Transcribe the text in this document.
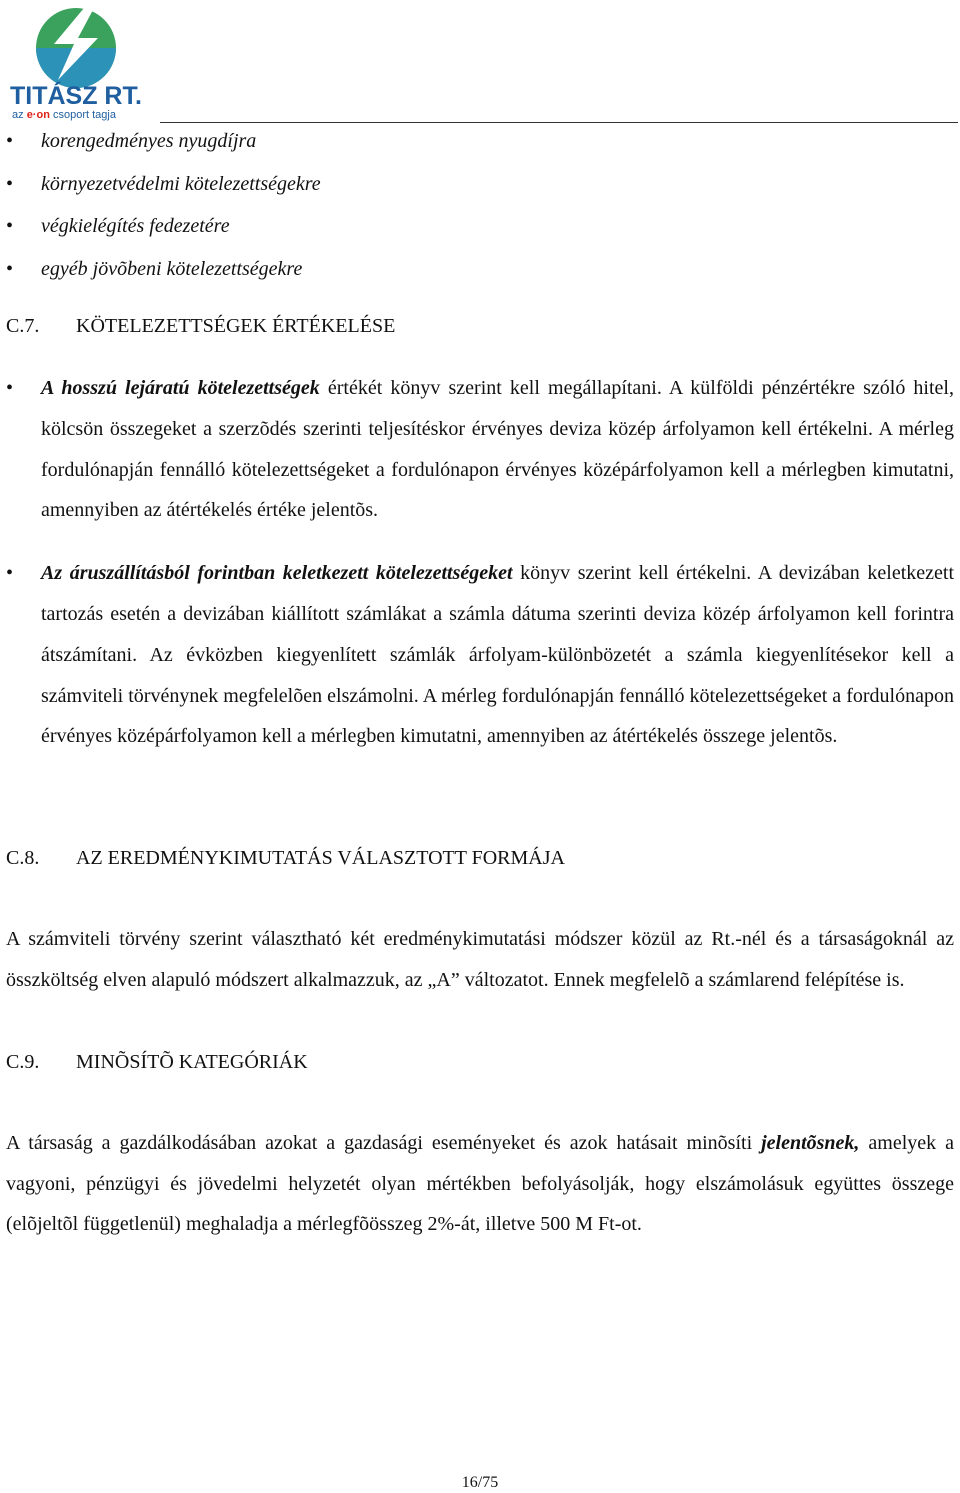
TITÁSZ RT.
az e·on csoport tagja
• korengedményes nyugdíjra
• környezetvédelmi kötelezettségekre
• végkielégítés fedezetére
• egyéb jövõbeni kötelezettségekre
C.7.	KÖTELEZETTSÉGEK ÉRTÉKELÉSE
• A hosszú lejáratú kötelezettségek értékét könyv szerint kell megállapítani. A külföldi pénzértékre szóló hitel, kölcsön összegeket a szerzõdés szerinti teljesítéskor érvényes deviza közép árfolyamon kell értékelni. A mérleg fordulónapján fennálló kötelezettségeket a fordulónapon érvényes középárfolyamon kell a mérlegben kimutatni, amennyiben az átértékelés értéke jelentõs.
• Az áruszállításból forintban keletkezett kötelezettségeket könyv szerint kell értékelni. A devizában keletkezett tartozás esetén a devizában kiállított számlákat a számla dátuma szerinti deviza közép árfolyamon kell forintra átszámítani. Az évközben kiegyenlített számlák árfolyam-különbözetét a számla kiegyenlítésekor kell a számviteli törvénynek megfelelõen elszámolni. A mérleg fordulónapján fennálló kötelezettségeket a fordulónapon érvényes középárfolyamon kell a mérlegben kimutatni, amennyiben az átértékelés összege jelentõs.
C.8.	AZ EREDMÉNYKIMUTATÁS VÁLASZTOTT FORMÁJA
A számviteli törvény szerint választható két eredménykimutatási módszer közül az Rt.-nél és a társaságoknál az összköltség elven alapuló módszert alkalmazzuk, az „A” változatot. Ennek megfelelõ a számlarend felépítése is.
C.9.	MINÕSÍTÕ KATEGÓRIÁK
A társaság a gazdálkodásában azokat a gazdasági eseményeket és azok hatásait minõsíti jelentõsnek, amelyek a vagyoni, pénzügyi és jövedelmi helyzetét olyan mértékben befolyásolják, hogy elszámolásuk együttes összege (elõjeltõl függetlenül) meghaladja a mérlegfõösszeg 2%-át, illetve 500 M Ft-ot.
16/75
